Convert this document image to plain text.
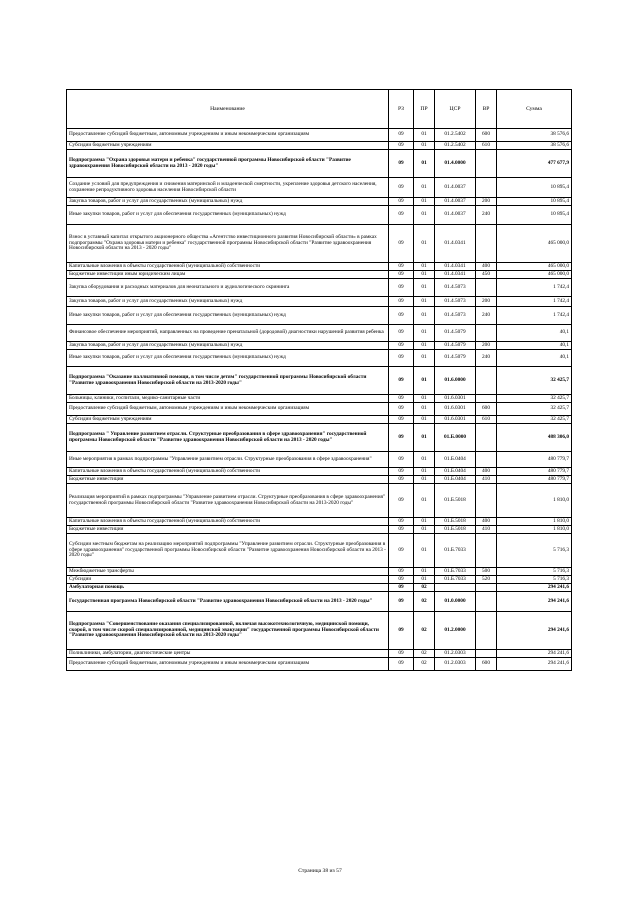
Наименование	РЗ	ПР	ЦСР	ВР	Сумма
Предоставление субсидий бюджетным, автономным учреждениям и иным некоммерческим организациям	09	01	01.2.5402	600	38 576,6
Субсидии бюджетным учреждениям	09	01	01.2.5402	610	38 576,6
Подпрограмма "Охрана здоровья матери и ребенка" государственной программы Новосибирской области "Развитие здравоохранения Новосибирской области на 2013 - 2020 годы"	09	01	01.4.0000		477 677,9
Создание условий для предупреждения и снижения материнской и младенческой смертности, укрепление здоровья детского населения, сохранение репродуктивного здоровья населения Новосибирской области	09	01	01.4.0037		10 895,4
Закупка товаров, работ и услуг для государственных (муниципальных) нужд	09	01	01.4.0037	200	10 895,4
Иные закупки товаров, работ и услуг для обеспечения государственных (муниципальных) нужд	09	01	01.4.0037	240	10 895,4
Взнос в уставный капитал открытого акционерного общества «Агентство инвестиционного развития Новосибирской области» в рамках подпрограммы "Охрана здоровья матери и ребенка" государственной программы Новосибирской области "Развитие здравоохранения Новосибирской области на 2013 - 2020 годы"	09	01	01.4.0341		465 000,0
Капитальные вложения в объекты государственной (муниципальной) собственности	09	01	01.4.0341	400	465 000,0
Бюджетные инвестиции иным юридическим лицам	09	01	01.4.0341	450	465 000,0
Закупка оборудования и расходных материалов для неонатального и аудиологического скрининга	09	01	01.4.5073		1 742,4
Закупка товаров, работ и услуг для государственных (муниципальных) нужд	09	01	01.4.5073	200	1 742,4
Иные закупки товаров, работ и услуг для обеспечения государственных (муниципальных) нужд	09	01	01.4.5073	240	1 742,4
Финансовое обеспечение мероприятий, направленных на проведение пренатальной (дородовой) диагностики нарушений развития ребенка	09	01	01.4.5079		40,1
Закупка товаров, работ и услуг для государственных (муниципальных) нужд	09	01	01.4.5079	200	40,1
Иные закупки товаров, работ и услуг для обеспечения государственных (муниципальных) нужд	09	01	01.4.5079	240	40,1
Подпрограмма "Оказание паллиативной помощи, в том числе детям" государственной программы Новосибирской области "Развитие здравоохранения Новосибирской области на 2013-2020 годы"	09	01	01.6.0000		32 425,7
Больницы, клиники, госпитали, медико-санитарные части	09	01	01.6.0301		32 425,7
Предоставление субсидий бюджетным, автономным учреждениям и иным некоммерческим организациям	09	01	01.6.0301	600	32 425,7
Субсидии бюджетным учреждениям	09	01	01.6.0301	610	32 425,7
Подпрограмма " Управление развитием отрасли. Структурные преобразования в сфере здравоохранения" государственной программы Новосибирской области "Развитие здравоохранения Новосибирской области на 2013 - 2020 годы"	09	01	01.Б.0000		488 306,0
Иные мероприятия в рамках подпрограммы "Управление развитием отрасли. Структурные преобразования в сфере здравоохранения"	09	01	01.Б.0404		480 779,7
Капитальные вложения в объекты государственной (муниципальной) собственности	09	01	01.Б.0404	400	480 779,7
Бюджетные инвестиции	09	01	01.Б.0404	410	480 779,7
Реализация мероприятий в рамках подпрограммы "Управление развитием отрасли. Структурные преобразования в сфере здравоохранения" государственной программы Новосибирской области "Развитие здравоохранения Новосибирской области на 2013-2020 годы"	09	01	01.Б.5018		1 810,0
Капитальные вложения в объекты государственной (муниципальной) собственности	09	01	01.Б.5018	400	1 810,0
Бюджетные инвестиции	09	01	01.Б.5018	410	1 810,0
Субсидии местным бюджетам на реализацию мероприятий подпрограммы "Управление развитием отрасли. Структурные преобразования в сфере здравоохранения" государственной программы Новосибирской области "Развитие здравоохранения Новосибирской области на 2013 - 2020 годы"	09	01	01.Б.7033		5 716,3
Межбюджетные трансферты	09	01	01.Б.7033	500	5 716,3
Субсидии	09	01	01.Б.7033	520	5 716,3
Амбулаторная помощь	09	02			294 241,6
Государственная программа Новосибирской области "Развитие здравоохранения Новосибирской области на 2013 - 2020 годы"	09	02	01.0.0000		294 241,6
Подпрограмма "Совершенствование оказания специализированной, включая высокотехнологичную, медицинской помощи, скорой, в том числе скорой специализированной, медицинской эвакуации" государственной программы Новосибирской области "Развитие здравоохранения Новосибирской области на 2013-2020 годы"	09	02	01.2.0000		294 241,6
Поликлиники, амбулатории, диагностические центры	09	02	01.2.0303		294 241,6
Предоставление субсидий бюджетным, автономным учреждениям и иным некоммерческим организациям	09	02	01.2.0303	600	294 241,6
Страница 38 из 57
